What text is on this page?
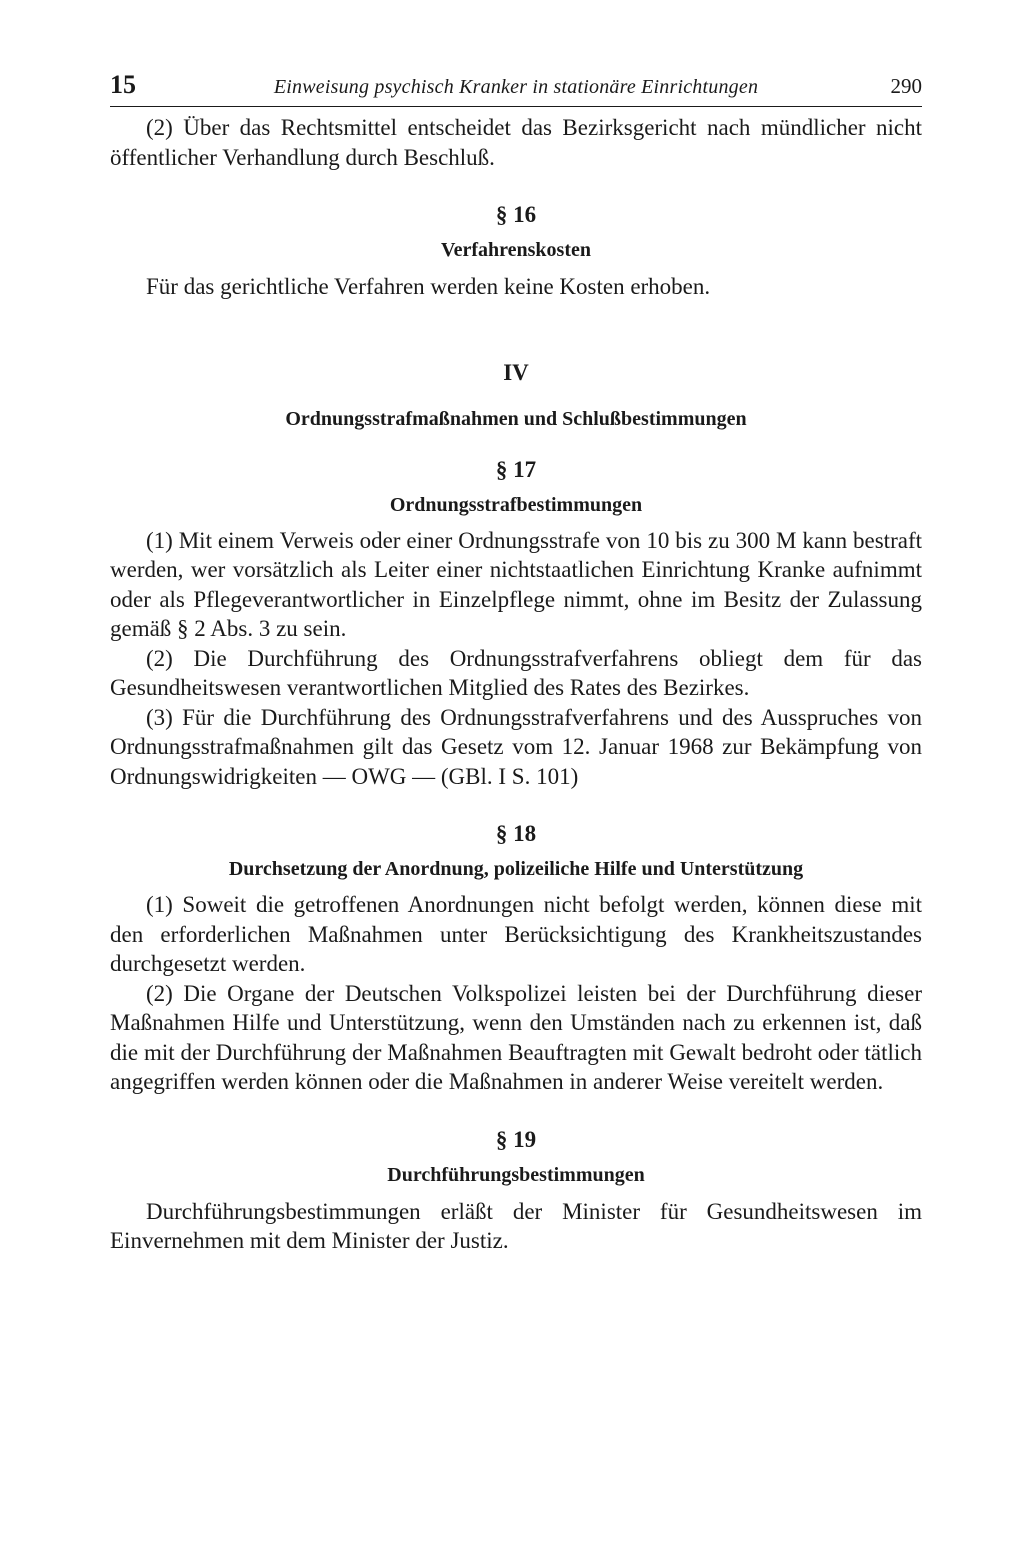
15	Einweisung psychisch Kranker in stationäre Einrichtungen	290

(2) Über das Rechtsmittel entscheidet das Bezirksgericht nach mündlicher nicht öffentlicher Verhandlung durch Beschluß.

§ 16

Verfahrenskosten

Für das gerichtliche Verfahren werden keine Kosten erhoben.

IV

Ordnungsstrafmaßnahmen und Schlußbestimmungen

§ 17

Ordnungsstrafbestimmungen

(1) Mit einem Verweis oder einer Ordnungsstrafe von 10 bis zu 300 M kann bestraft werden, wer vorsätzlich als Leiter einer nichtstaatlichen Einrichtung Kranke aufnimmt oder als Pflegeverantwortlicher in Einzelpflege nimmt, ohne im Besitz der Zulassung gemäß § 2 Abs. 3 zu sein.

(2) Die Durchführung des Ordnungsstrafverfahrens obliegt dem für das Gesundheitswesen verantwortlichen Mitglied des Rates des Bezirkes.

(3) Für die Durchführung des Ordnungsstrafverfahrens und des Ausspruches von Ordnungsstrafmaßnahmen gilt das Gesetz vom 12. Januar 1968 zur Bekämpfung von Ordnungswidrigkeiten — OWG — (GBl. I S. 101)

§ 18

Durchsetzung der Anordnung, polizeiliche Hilfe und Unterstützung

(1) Soweit die getroffenen Anordnungen nicht befolgt werden, können diese mit den erforderlichen Maßnahmen unter Berücksichtigung des Krankheitszustandes durchgesetzt werden.

(2) Die Organe der Deutschen Volkspolizei leisten bei der Durchführung dieser Maßnahmen Hilfe und Unterstützung, wenn den Umständen nach zu erkennen ist, daß die mit der Durchführung der Maßnahmen Beauftragten mit Gewalt bedroht oder tätlich angegriffen werden können oder die Maßnahmen in anderer Weise vereitelt werden.

§ 19

Durchführungsbestimmungen

Durchführungsbestimmungen erläßt der Minister für Gesundheitswesen im Einvernehmen mit dem Minister der Justiz.
